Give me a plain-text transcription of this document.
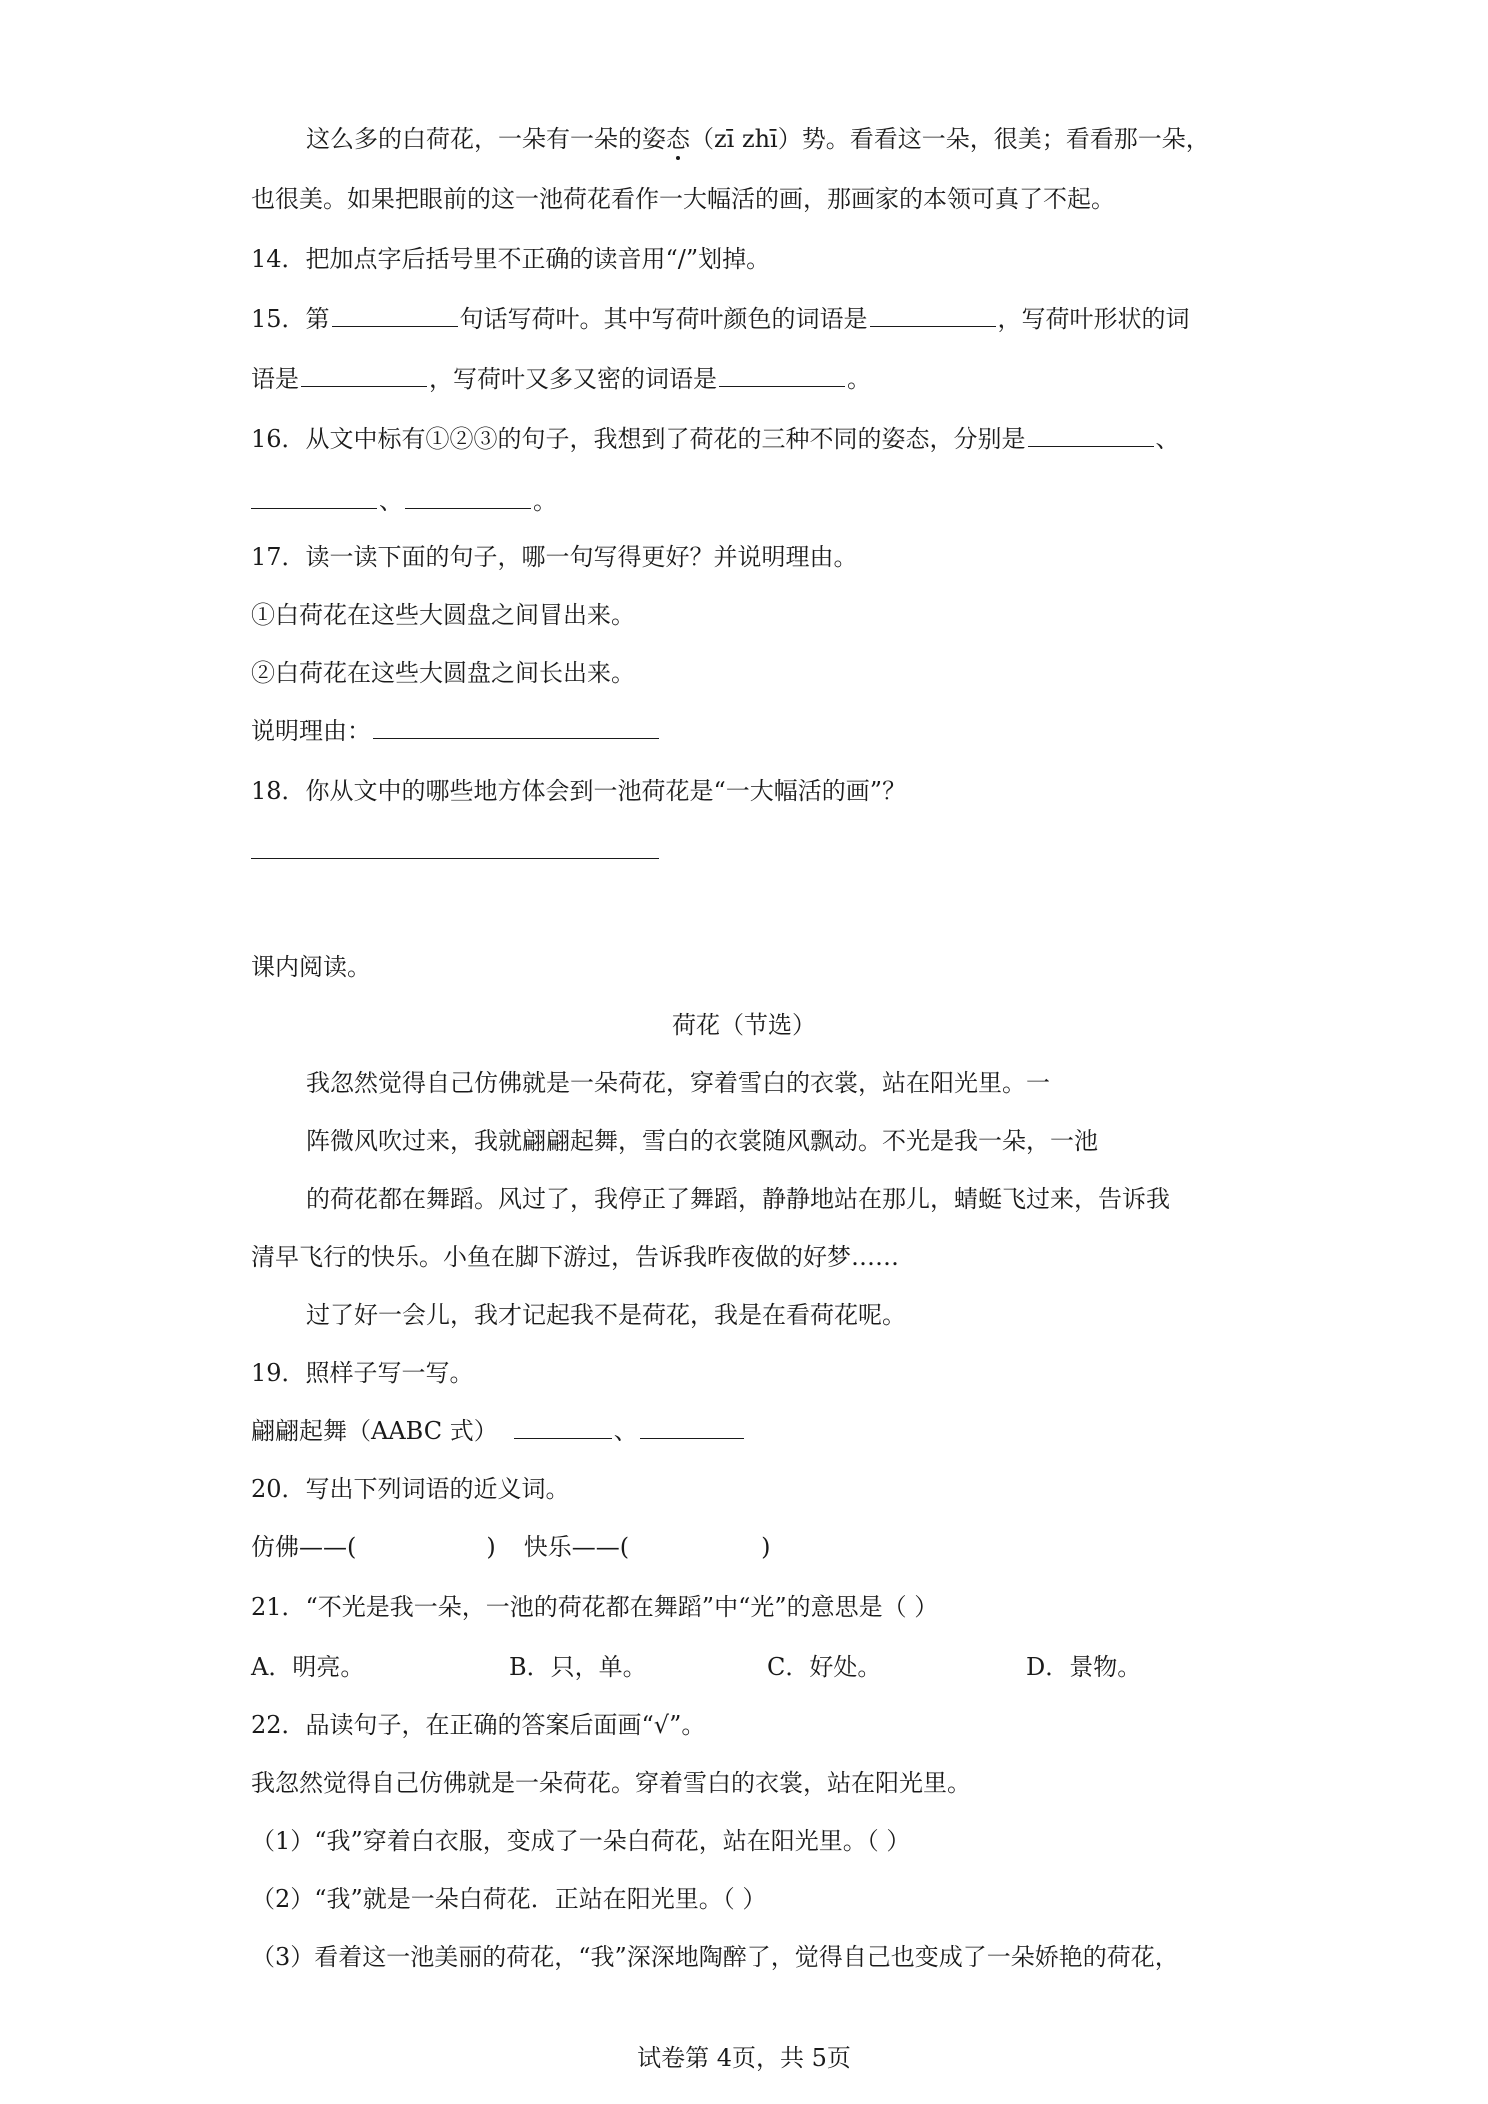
这么多的白荷花，一朵有一朵的姿态（zī zhī）势。看看这一朵，很美；看看那一朵，
也很美。如果把眼前的这一池荷花看作一大幅活的画，那画家的本领可真了不起。
14．把加点字后括号里不正确的读音用“/”划掉。
15．第	句话写荷叶。其中写荷叶颜色的词语是	，写荷叶形状的词
语是	，写荷叶又多又密的词语是	。
16．从文中标有①②③的句子，我想到了荷花的三种不同的姿态，分别是	、
、	。
17．读一读下面的句子，哪一句写得更好？并说明理由。
①白荷花在这些大圆盘之间冒出来。
②白荷花在这些大圆盘之间长出来。
说明理由：
18．你从文中的哪些地方体会到一池荷花是“一大幅活的画”？
课内阅读。
荷花（节选）
我忽然觉得自己仿佛就是一朵荷花，穿着雪白的衣裳，站在阳光里。一
阵微风吹过来，我就翩翩起舞，雪白的衣裳随风飘动。不光是我一朵，一池
的荷花都在舞蹈。风过了，我停正了舞蹈，静静地站在那儿，蜻蜓飞过来，告诉我
清早飞行的快乐。小鱼在脚下游过，告诉我昨夜做的好梦……
过了好一会儿，我才记起我不是荷花，我是在看荷花呢。
19．照样子写一写。
翩翩起舞（AABC 式）	、
20．写出下列词语的近义词。
仿佛——(	) 快乐——(	)
21．“不光是我一朵，一池的荷花都在舞蹈”中“光”的意思是（ ）
A．明亮。	B．只，单。	C．好处。	D．景物。
22．品读句子，在正确的答案后面画“√”。
我忽然觉得自己仿佛就是一朵荷花。穿着雪白的衣裳，站在阳光里。
（1）“我”穿着白衣服，变成了一朵白荷花，站在阳光里。（ ）
（2）“我”就是一朵白荷花．正站在阳光里。（ ）
（3）看着这一池美丽的荷花，“我”深深地陶醉了，觉得自己也变成了一朵娇艳的荷花，
试卷第 4页，共 5页
